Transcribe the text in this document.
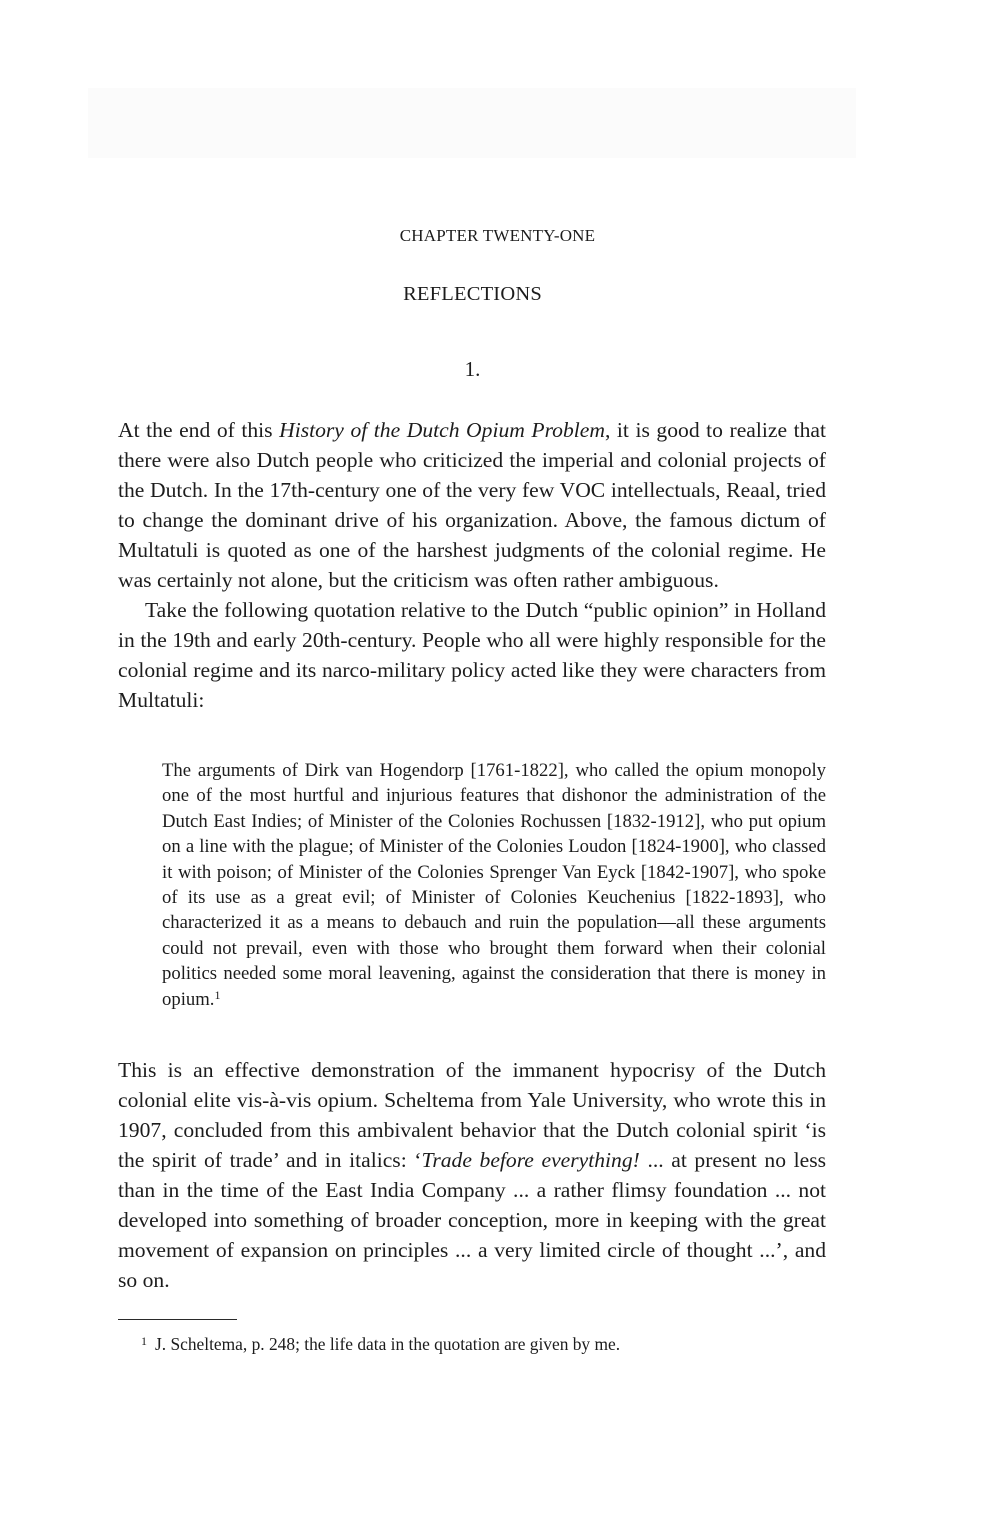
CHAPTER TWENTY-ONE
REFLECTIONS
1.

At the end of this History of the Dutch Opium Problem, it is good to realize that there were also Dutch people who criticized the imperial and colonial projects of the Dutch. In the 17th-century one of the very few VOC intellectuals, Reaal, tried to change the dominant drive of his organization. Above, the famous dictum of Multatuli is quoted as one of the harshest judgments of the colonial regime. He was certainly not alone, but the criticism was often rather ambiguous.

Take the following quotation relative to the Dutch “public opinion” in Holland in the 19th and early 20th-century. People who all were highly responsible for the colonial regime and its narco-military policy acted like they were characters from Multatuli:

The arguments of Dirk van Hogendorp [1761-1822], who called the opium monopoly one of the most hurtful and injurious features that dishonor the administration of the Dutch East Indies; of Minister of the Colonies Rochussen [1832-1912], who put opium on a line with the plague; of Minister of the Colonies Loudon [1824-1900], who classed it with poison; of Minister of the Colonies Sprenger Van Eyck [1842-1907], who spoke of its use as a great evil; of Minister of Colonies Keuchenius [1822-1893], who characterized it as a means to debauch and ruin the population—all these arguments could not prevail, even with those who brought them forward when their colonial politics needed some moral leavening, against the consideration that there is money in opium.$^1$

This is an effective demonstration of the immanent hypocrisy of the Dutch colonial elite vis-à-vis opium. Scheltema from Yale University, who wrote this in 1907, concluded from this ambivalent behavior that the Dutch colonial spirit ‘is the spirit of trade’ and in italics: ‘Trade before everything! ... at present no less than in the time of the East India Company ... a rather flimsy foundation ... not developed into something of broader conception, more in keeping with the great movement of expansion on principles ... a very limited circle of thought ...’, and so on.

$^1$ J. Scheltema, p. 248; the life data in the quotation are given by me.
